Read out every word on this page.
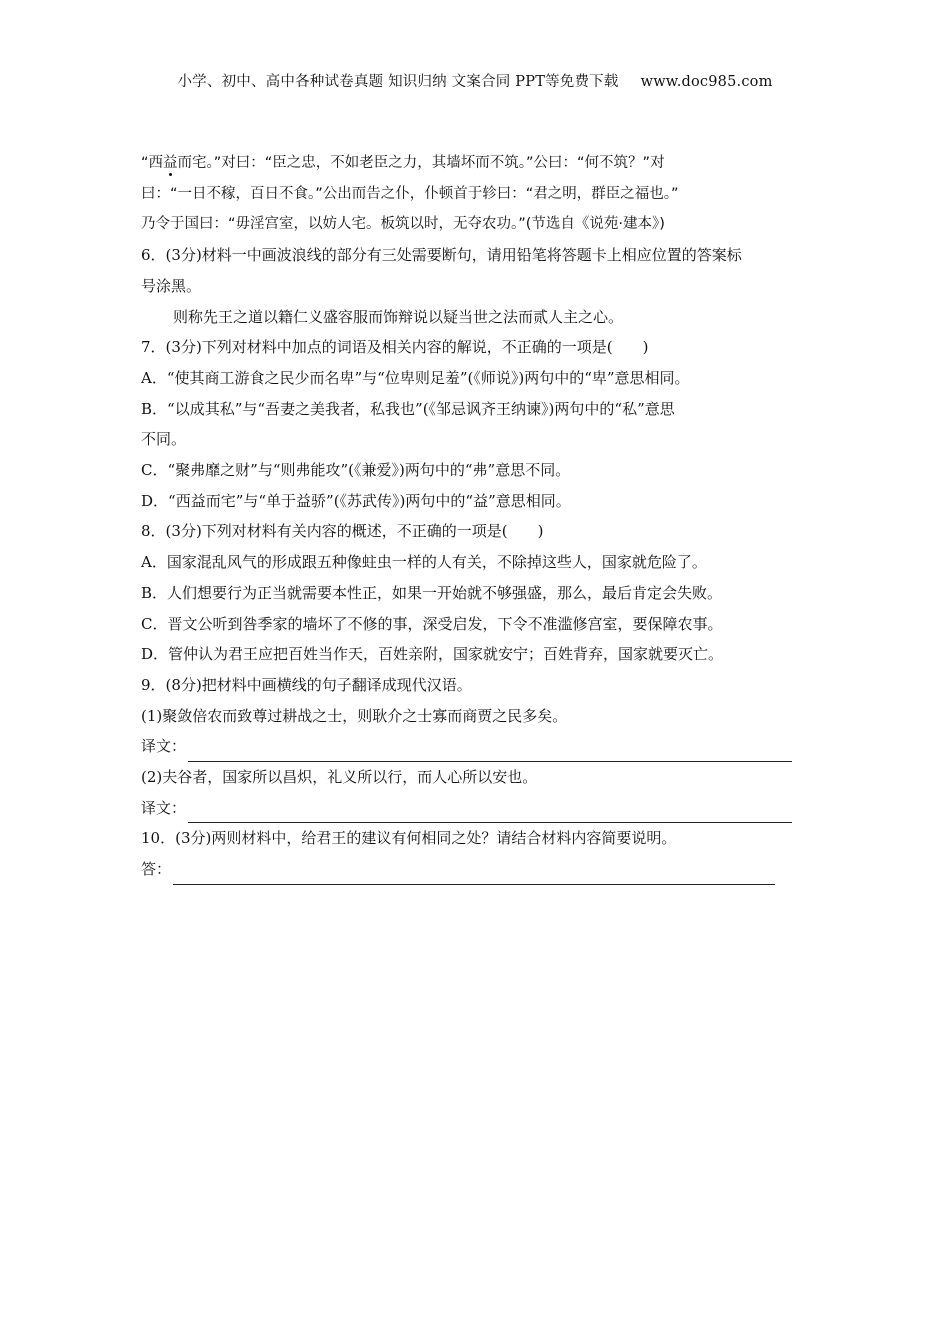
小学、初中、高中各种试卷真题 知识归纳 文案合同 PPT等免费下载 www.doc985.com
“西益而宅。”对曰：“臣之忠，不如老臣之力，其墙坏而不筑。”公曰：“何不筑？”对
曰：“一日不稼，百日不食。”公出而告之仆，仆顿首于轸曰：“君之明，群臣之福也。”
乃令于国曰：“毋淫宫室，以妨人宅。板筑以时，无夺农功。”(节选自《说苑·建本》)
6．(3分)材料一中画波浪线的部分有三处需要断句，请用铅笔将答题卡上相应位置的答案标
号涂黑。
则称先王之道以籍仁义盛容服而饰辩说以疑当世之法而贰人主之心。
7．(3分)下列对材料中加点的词语及相关内容的解说，不正确的一项是(　　)
A．“使其商工游食之民少而名卑”与“位卑则足羞”(《师说》)两句中的“卑”意思相同。
B．“以成其私”与“吾妻之美我者，私我也”(《邹忌讽齐王纳谏》)两句中的“私”意思
不同。
C．“聚弗靡之财”与“则弗能攻”(《兼爱》)两句中的“弗”意思不同。
D．“西益而宅”与“单于益骄”(《苏武传》)两句中的“益”意思相同。
8．(3分)下列对材料有关内容的概述，不正确的一项是(　　)
A．国家混乱风气的形成跟五种像蛀虫一样的人有关，不除掉这些人，国家就危险了。
B．人们想要行为正当就需要本性正，如果一开始就不够强盛，那么，最后肯定会失败。
C．晋文公听到咎季家的墙坏了不修的事，深受启发，下令不准滥修宫室，要保障农事。
D．管仲认为君王应把百姓当作天，百姓亲附，国家就安宁；百姓背弃，国家就要灭亡。
9．(8分)把材料中画横线的句子翻译成现代汉语。
(1)聚敛倍农而致尊过耕战之士，则耿介之士寡而商贾之民多矣。
译文：
(2)夫谷者，国家所以昌炽，礼义所以行，而人心所以安也。
译文：
10．(3分)两则材料中，给君王的建议有何相同之处？请结合材料内容简要说明。
答：
